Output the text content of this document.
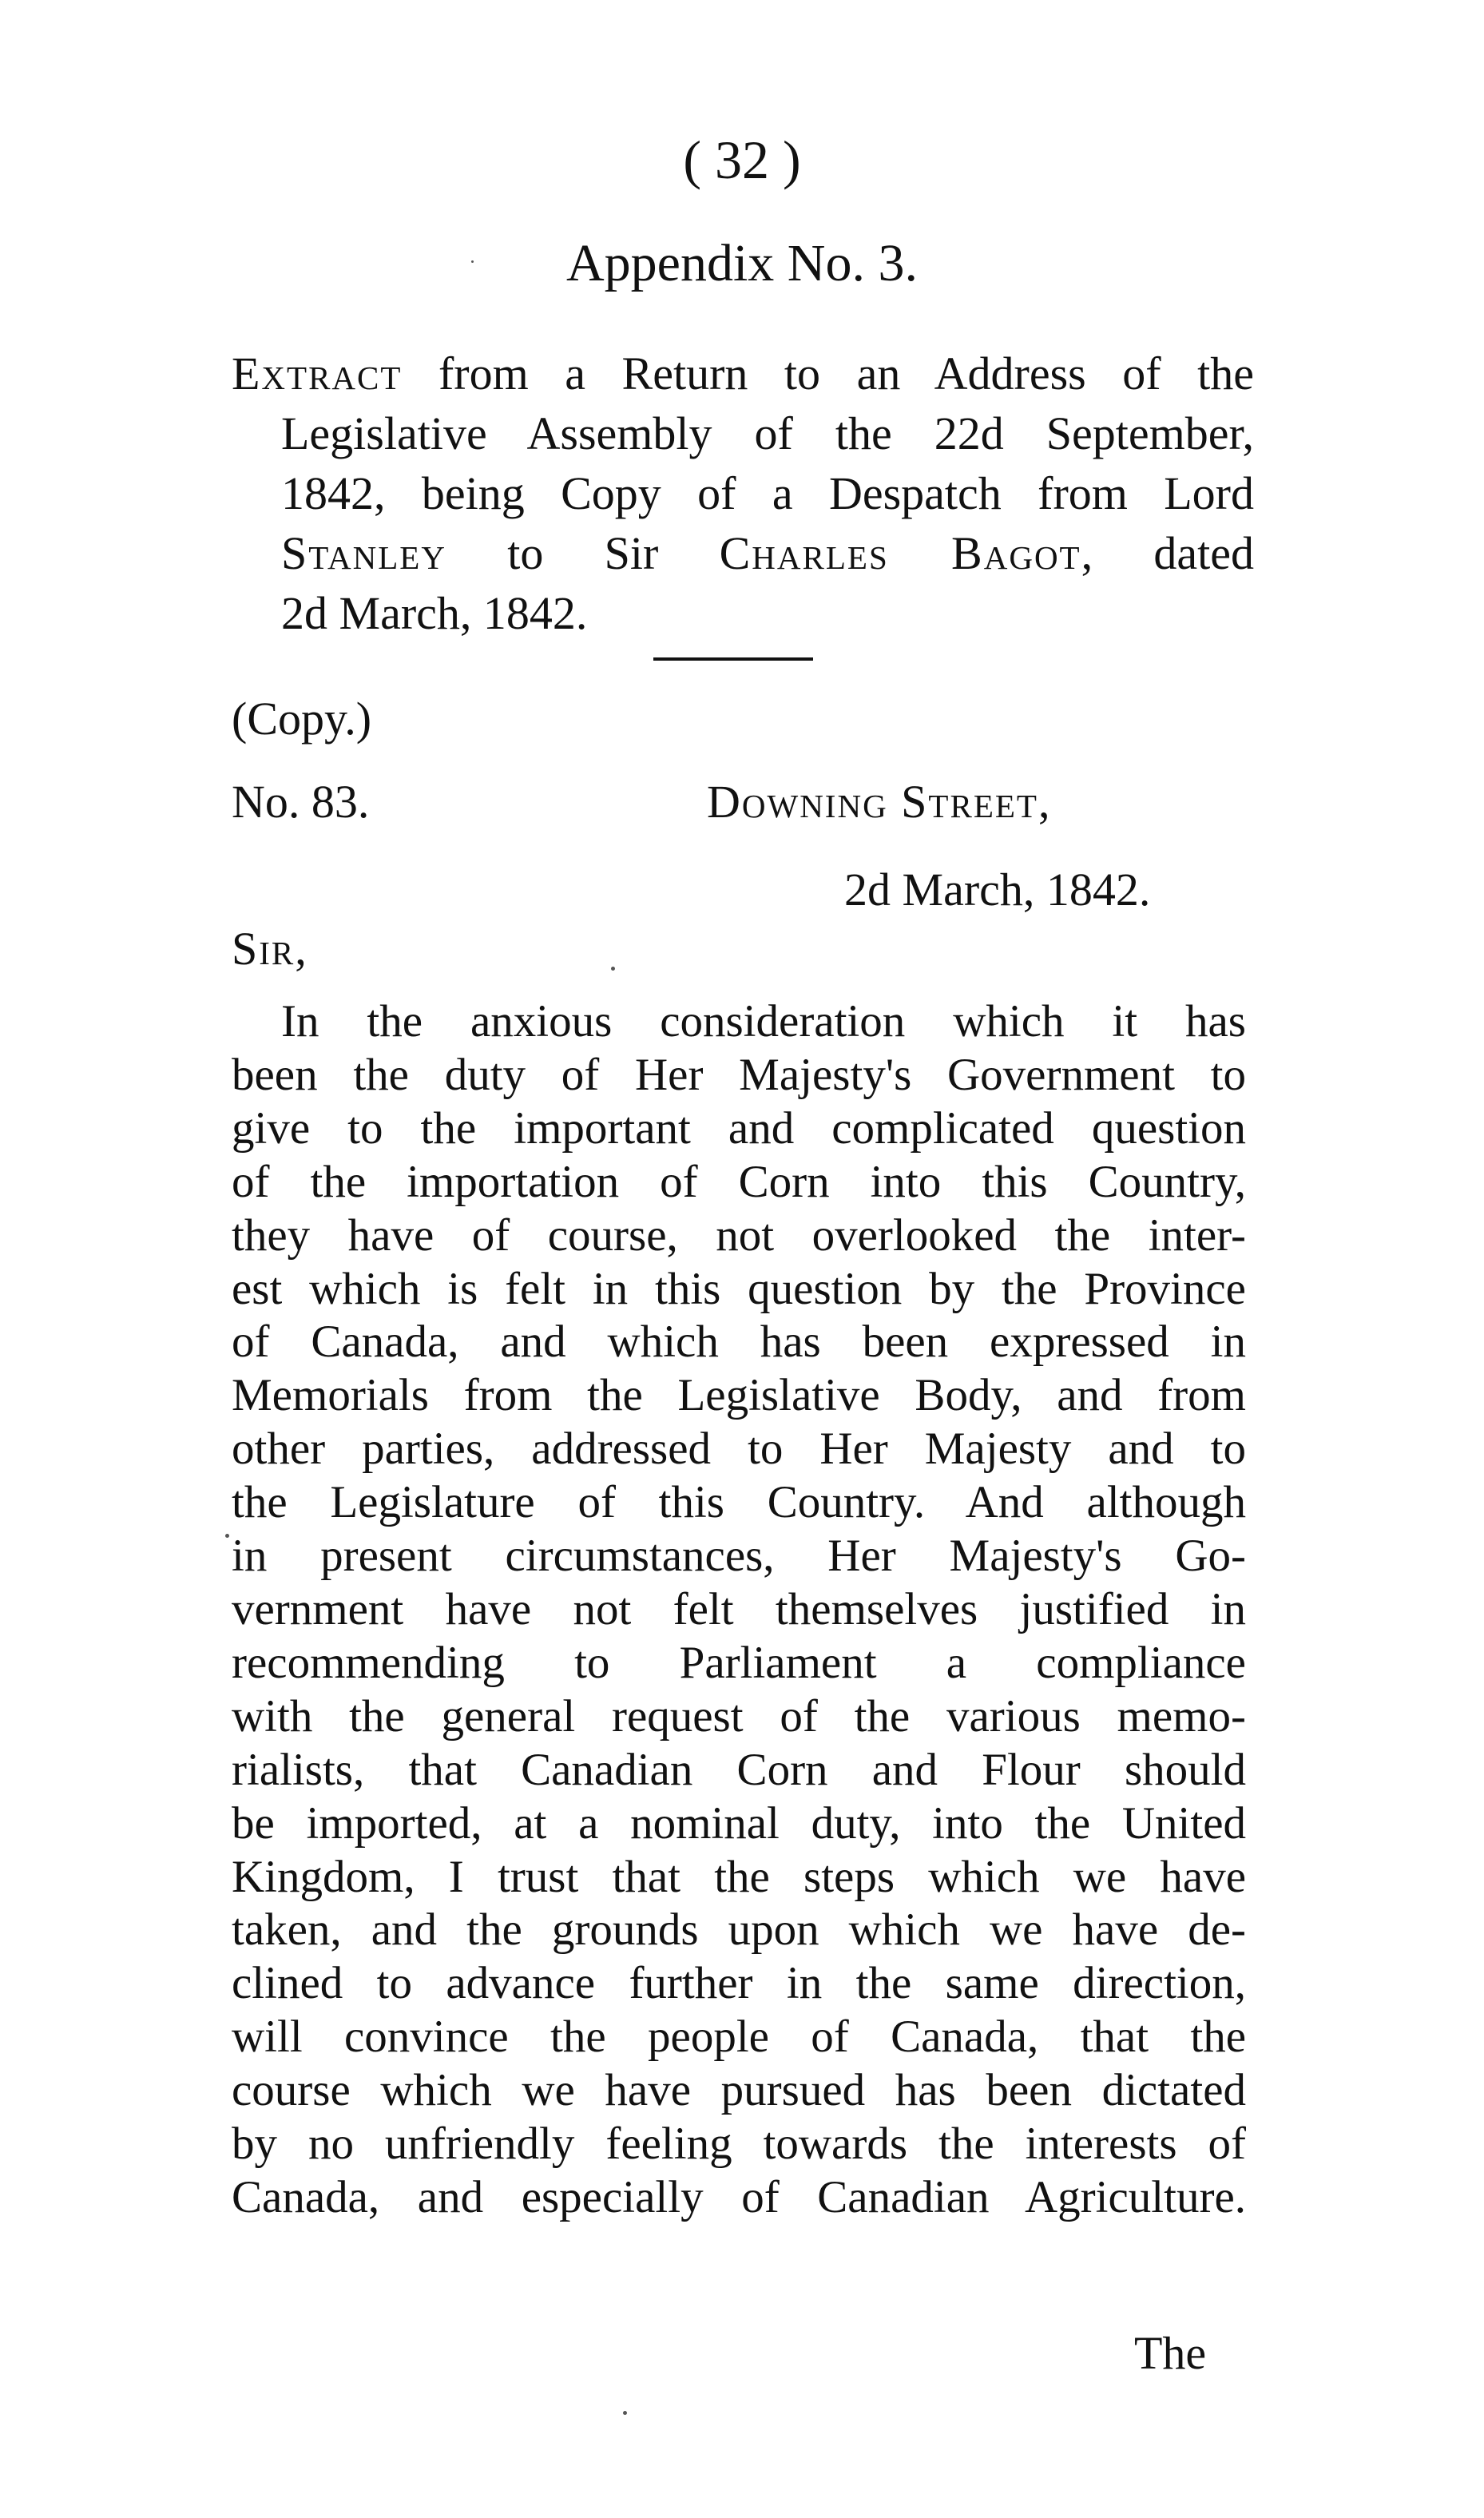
( 32 )
Appendix No. 3.
Extract from a Return to an Address of the
Legislative Assembly of the 22d September,
1842, being Copy of a Despatch from Lord
Stanley to Sir Charles Bagot, dated
2d March, 1842.
(Copy.)
No. 83.	Downing Street,
2d March, 1842.
Sir,
In the anxious consideration which it has
been the duty of Her Majesty's Government to
give to the important and complicated question
of the importation of Corn into this Country,
they have of course, not overlooked the inter-
est which is felt in this question by the Province
of Canada, and which has been expressed in
Memorials from the Legislative Body, and from
other parties, addressed to Her Majesty and to
the Legislature of this Country. And although
in present circumstances, Her Majesty's Go-
vernment have not felt themselves justified in
recommending to Parliament a compliance
with the general request of the various memo-
rialists, that Canadian Corn and Flour should
be imported, at a nominal duty, into the United
Kingdom, I trust that the steps which we have
taken, and the grounds upon which we have de-
clined to advance further in the same direction,
will convince the people of Canada, that the
course which we have pursued has been dictated
by no unfriendly feeling towards the interests of
Canada, and especially of Canadian Agriculture.
The
